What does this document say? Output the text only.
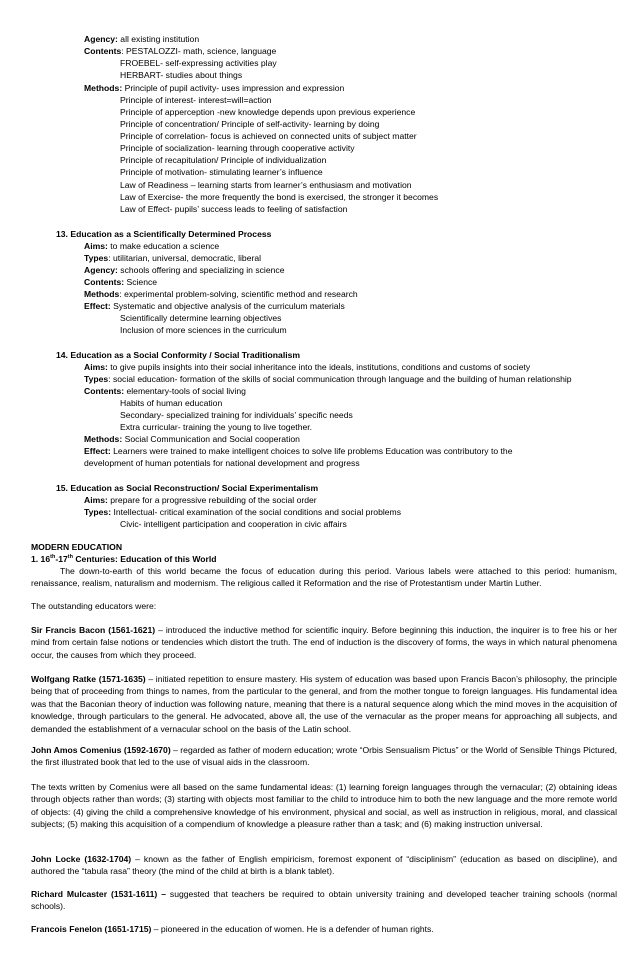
Agency: all existing institution
Contents: PESTALOZZI- math, science, language
FROEBEL- self-expressing activities play
HERBART- studies about things
Methods: Principle of pupil activity- uses impression and expression
Principle of interest- interest=will=action
Principle of apperception -new knowledge depends upon previous experience
Principle of concentration/ Principle of self-activity- learning by doing
Principle of correlation- focus is achieved on connected units of subject matter
Principle of socialization- learning through cooperative activity
Principle of recapitulation/ Principle of individualization
Principle of motivation- stimulating learner’s influence
Law of Readiness – learning starts from learner’s enthusiasm and motivation
Law of Exercise- the more frequently the bond is exercised, the stronger it becomes
Law of Effect- pupils’ success leads to feeling of satisfaction
13. Education as a Scientifically Determined Process
Aims: to make education a science
Types: utilitarian, universal, democratic, liberal
Agency: schools offering and specializing in science
Contents: Science
Methods: experimental problem-solving, scientific method and research
Effect: Systematic and objective analysis of the curriculum materials
Scientifically determine learning objectives
Inclusion of more sciences in the curriculum
14. Education as a Social Conformity / Social Traditionalism
Aims: to give pupils insights into their social inheritance into the ideals, institutions, conditions and customs of society
Types: social education- formation of the skills of social communication through language and the building of human relationship
Contents: elementary-tools of social living
Habits of human education
Secondary- specialized training for individuals’ specific needs
Extra curricular- training the young to live together.
Methods: Social Communication and Social cooperation
Effect: Learners were trained to make intelligent choices to solve life problems Education was contributory to the
development of human potentials for national development and progress
15. Education as Social Reconstruction/ Social Experimentalism
Aims: prepare for a progressive rebuilding of the social order
Types: Intellectual- critical examination of the social conditions and social problems
Civic- intelligent participation and cooperation in civic affairs
MODERN EDUCATION
1. 16th-17th Centuries: Education of this World
The down-to-earth of this world became the focus of education during this period. Various labels were attached to this period: humanism, renaissance, realism, naturalism and modernism. The religious called it Reformation and the rise of Protestantism under Martin Luther.
The outstanding educators were:
Sir Francis Bacon (1561-1621) – introduced the inductive method for scientific inquiry. Before beginning this induction, the inquirer is to free his or her mind from certain false notions or tendencies which distort the truth. The end of induction is the discovery of forms, the ways in which natural phenomena occur, the causes from which they proceed.
Wolfgang Ratke (1571-1635) – initiated repetition to ensure mastery. His system of education was based upon Francis Bacon’s philosophy, the principle being that of proceeding from things to names, from the particular to the general, and from the mother tongue to foreign languages. His fundamental idea was that the Baconian theory of induction was following nature, meaning that there is a natural sequence along which the mind moves in the acquisition of knowledge, through particulars to the general. He advocated, above all, the use of the vernacular as the proper means for approaching all subjects, and demanded the establishment of a vernacular school on the basis of the Latin school.
John Amos Comenius (1592-1670) – regarded as father of modern education; wrote “Orbis Sensualism Pictus” or the World of Sensible Things Pictured, the first illustrated book that led to the use of visual aids in the classroom.
The texts written by Comenius were all based on the same fundamental ideas: (1) learning foreign languages through the vernacular; (2) obtaining ideas through objects rather than words; (3) starting with objects most familiar to the child to introduce him to both the new language and the more remote world of objects: (4) giving the child a comprehensive knowledge of his environment, physical and social, as well as instruction in religious, moral, and classical subjects; (5) making this acquisition of a compendium of knowledge a pleasure rather than a task; and (6) making instruction universal.
John Locke (1632-1704) – known as the father of English empiricism, foremost exponent of “disciplinism” (education as based on discipline), and authored the “tabula rasa” theory (the mind of the child at birth is a blank tablet).
Richard Mulcaster (1531-1611) – suggested that teachers be required to obtain university training and developed teacher training schools (normal schools).
Francois Fenelon (1651-1715) – pioneered in the education of women. He is a defender of human rights.
